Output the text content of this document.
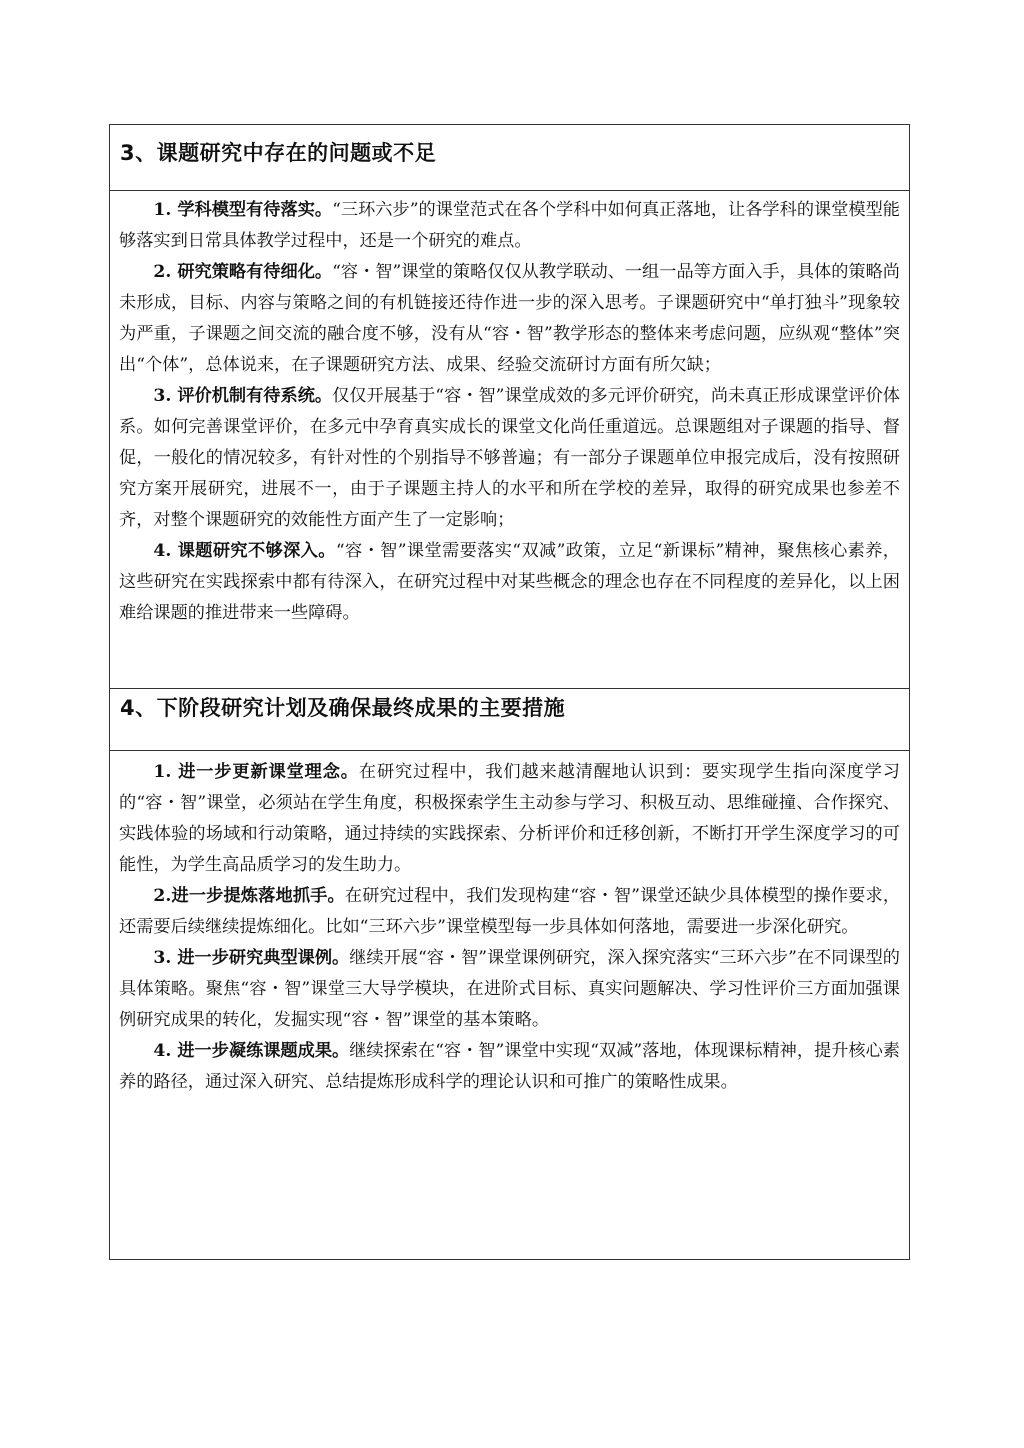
3、课题研究中存在的问题或不足

1. 学科模型有待落实。“三环六步”的课堂范式在各个学科中如何真正落地，让各学科的课堂模型能够落实到日常具体教学过程中，还是一个研究的难点。

2. 研究策略有待细化。“容・智”课堂的策略仅仅从教学联动、一组一品等方面入手，具体的策略尚未形成，目标、内容与策略之间的有机链接还待作进一步的深入思考。子课题研究中“单打独斗”现象较为严重，子课题之间交流的融合度不够，没有从“容・智”教学形态的整体来考虑问题，应纵观“整体”突出“个体”，总体说来，在子课题研究方法、成果、经验交流研讨方面有所欠缺；

3. 评价机制有待系统。仅仅开展基于“容・智”课堂成效的多元评价研究，尚未真正形成课堂评价体系。如何完善课堂评价，在多元中孕育真实成长的课堂文化尚任重道远。总课题组对子课题的指导、督促，一般化的情况较多，有针对性的个别指导不够普遍；有一部分子课题单位申报完成后，没有按照研究方案开展研究，进展不一，由于子课题主持人的水平和所在学校的差异，取得的研究成果也参差不齐，对整个课题研究的效能性方面产生了一定影响；

4. 课题研究不够深入。“容・智”课堂需要落实“双减”政策，立足“新课标”精神，聚焦核心素养，这些研究在实践探索中都有待深入，在研究过程中对某些概念的理念也存在不同程度的差异化，以上困难给课题的推进带来一些障碍。

4、下阶段研究计划及确保最终成果的主要措施

1. 进一步更新课堂理念。在研究过程中，我们越来越清醒地认识到：要实现学生指向深度学习的“容・智”课堂，必须站在学生角度，积极探索学生主动参与学习、积极互动、思维碰撞、合作探究、实践体验的场域和行动策略，通过持续的实践探索、分析评价和迁移创新，不断打开学生深度学习的可能性，为学生高品质学习的发生助力。

2.进一步提炼落地抓手。在研究过程中，我们发现构建“容・智”课堂还缺少具体模型的操作要求，还需要后续继续提炼细化。比如“三环六步”课堂模型每一步具体如何落地，需要进一步深化研究。

3. 进一步研究典型课例。继续开展“容・智”课堂课例研究，深入探究落实“三环六步”在不同课型的具体策略。聚焦“容・智”课堂三大导学模块，在进阶式目标、真实问题解决、学习性评价三方面加强课例研究成果的转化，发掘实现“容・智”课堂的基本策略。

4. 进一步凝练课题成果。继续探索在“容・智”课堂中实现“双减”落地，体现课标精神，提升核心素养的路径，通过深入研究、总结提炼形成科学的理论认识和可推广的策略性成果。
